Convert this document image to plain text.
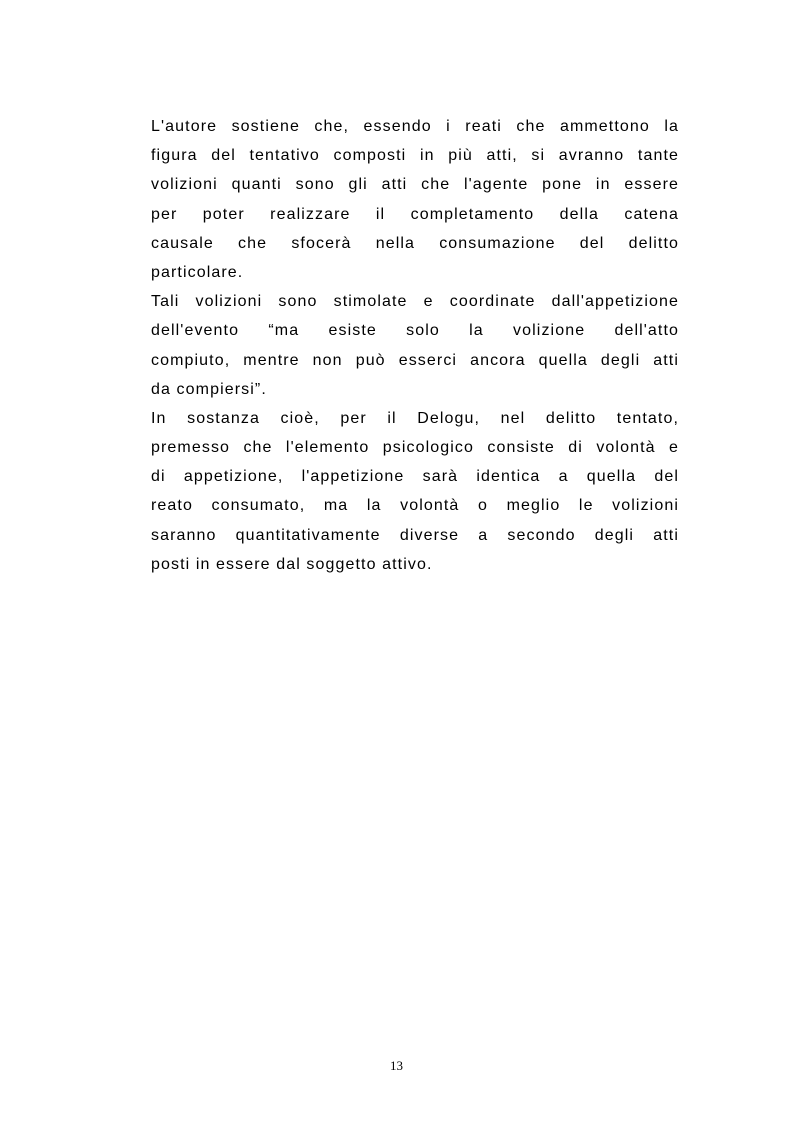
L'autore sostiene che, essendo i reati che ammettono la
figura del tentativo composti in più atti, si avranno tante
volizioni quanti sono gli atti che l'agente pone in essere
per poter realizzare il completamento della catena
causale che sfocerà nella consumazione del delitto
particolare.
Tali volizioni sono stimolate e coordinate dall'appetizione
dell'evento “ma esiste solo la volizione dell'atto
compiuto, mentre non può esserci ancora quella degli atti
da compiersi”.
In sostanza cioè, per il Delogu, nel delitto tentato,
premesso che l'elemento psicologico consiste di volontà e
di appetizione, l'appetizione sarà identica a quella del
reato consumato, ma la volontà o meglio le volizioni
saranno quantitativamente diverse a secondo degli atti
posti in essere dal soggetto attivo.
13
